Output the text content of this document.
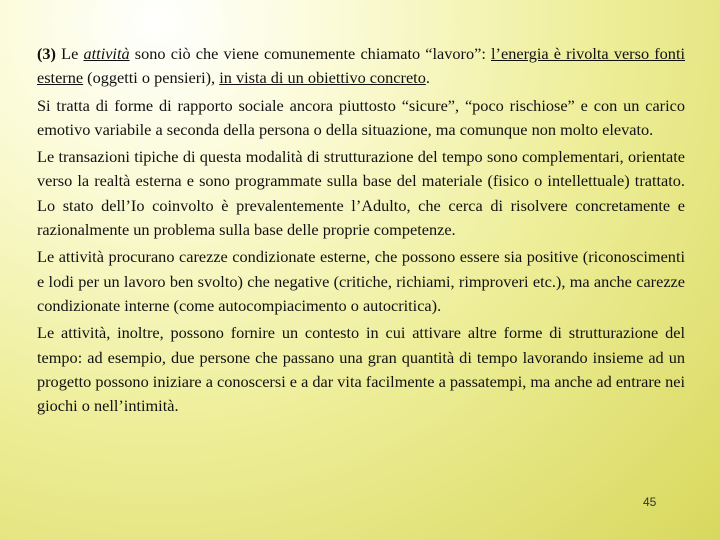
(3) Le attività sono ciò che viene comunemente chiamato “lavoro”: l’energia è rivolta verso fonti esterne (oggetti o pensieri), in vista di un obiettivo concreto.

Si tratta di forme di rapporto sociale ancora piuttosto “sicure”, “poco rischiose” e con un carico emotivo variabile a seconda della persona o della situazione, ma comunque non molto elevato.

Le transazioni tipiche di questa modalità di strutturazione del tempo sono complementari, orientate verso la realtà esterna e sono programmate sulla base del materiale (fisico o intellettuale) trattato. Lo stato dell’Io coinvolto è prevalentemente l’Adulto, che cerca di risolvere concretamente e razionalmente un problema sulla base delle proprie competenze.

Le attività procurano carezze condizionate esterne, che possono essere sia positive (riconoscimenti e lodi per un lavoro ben svolto) che negative (critiche, richiami, rimproveri etc.), ma anche carezze condizionate interne (come autocompiacimento o autocritica).

Le attività, inoltre, possono fornire un contesto in cui attivare altre forme di strutturazione del tempo: ad esempio, due persone che passano una gran quantità di tempo lavorando insieme ad un progetto possono iniziare a conoscersi e a dar vita facilmente a passatempi, ma anche ad entrare nei giochi o nell’intimità.

45
